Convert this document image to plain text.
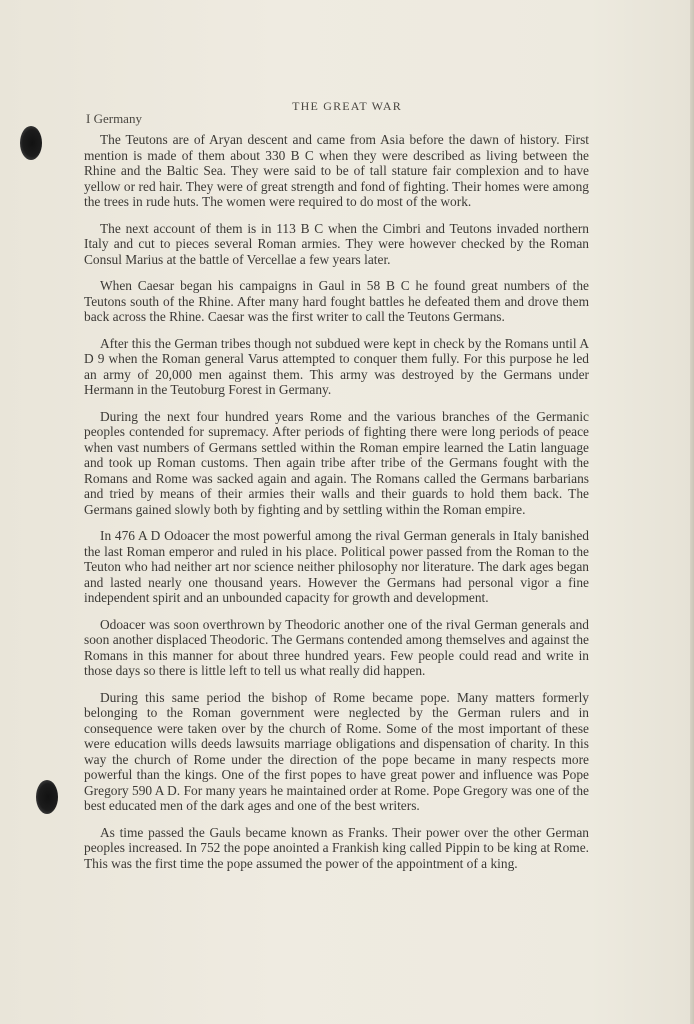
THE GREAT WAR
I Germany

The Teutons are of Aryan descent and came from Asia before the dawn of history. First mention is made of them about 330 B C when they were described as living between the Rhine and the Baltic Sea. They were said to be of tall stature fair complexion and to have yellow or red hair. They were of great strength and fond of fighting. Their homes were among the trees in rude huts. The women were required to do most of the work.

The next account of them is in 113 B C when the Cimbri and Teutons invaded northern Italy and cut to pieces several Roman armies. They were however checked by the Roman Consul Marius at the battle of Vercellae a few years later.

When Caesar began his campaigns in Gaul in 58 B C he found great numbers of the Teutons south of the Rhine. After many hard fought battles he defeated them and drove them back across the Rhine. Caesar was the first writer to call the Teutons Germans.

After this the German tribes though not subdued were kept in check by the Romans until A D 9 when the Roman general Varus attempted to conquer them fully. For this purpose he led an army of 20,000 men against them. This army was destroyed by the Germans under Hermann in the Teutoburg Forest in Germany.

During the next four hundred years Rome and the various branches of the Germanic peoples contended for supremacy. After periods of fighting there were long periods of peace when vast numbers of Germans settled within the Roman empire learned the Latin language and took up Roman customs. Then again tribe after tribe of the Germans fought with the Romans and Rome was sacked again and again. The Romans called the Germans barbarians and tried by means of their armies their walls and their guards to hold them back. The Germans gained slowly both by fighting and by settling within the Roman empire.

In 476 A D Odoacer the most powerful among the rival German generals in Italy banished the last Roman emperor and ruled in his place. Political power passed from the Roman to the Teuton who had neither art nor science neither philosophy nor literature. The dark ages began and lasted nearly one thousand years. However the Germans had personal vigor a fine independent spirit and an unbounded capacity for growth and development.

Odoacer was soon overthrown by Theodoric another one of the rival German generals and soon another displaced Theodoric. The Germans contended among themselves and against the Romans in this manner for about three hundred years. Few people could read and write in those days so there is little left to tell us what really did happen.

During this same period the bishop of Rome became pope. Many matters formerly belonging to the Roman government were neglected by the German rulers and in consequence were taken over by the church of Rome. Some of the most important of these were education wills deeds lawsuits marriage obligations and dispensation of charity. In this way the church of Rome under the direction of the pope became in many respects more powerful than the kings. One of the first popes to have great power and influence was Pope Gregory 590 A D. For many years he maintained order at Rome. Pope Gregory was one of the best educated men of the dark ages and one of the best writers.

As time passed the Gauls became known as Franks. Their power over the other German peoples increased. In 752 the pope anointed a Frankish king called Pippin to be king at Rome. This was the first time the pope assumed the power of the appointment of a king.
